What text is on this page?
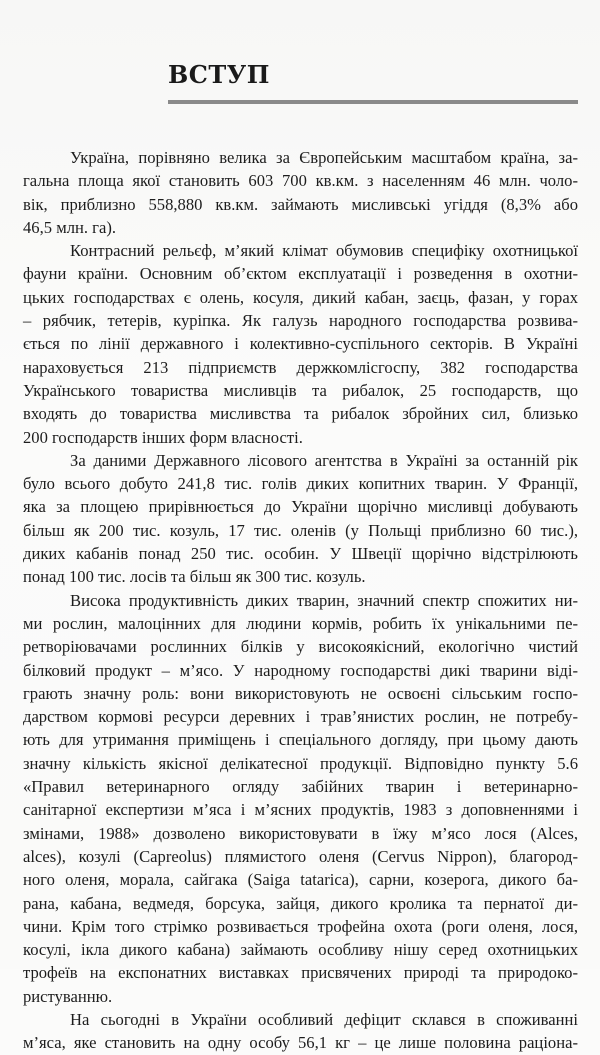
ВСТУП
Україна, порівняно велика за Європейським масштабом країна, за-
гальна площа якої становить 603 700 кв.км. з населенням 46 млн. чоло-
вік, приблизно 558,880 кв.км. займають мисливські угіддя (8,3% або
46,5 млн. га).
Контрасний рельєф, м’який клімат обумовив специфіку охотницької
фауни країни. Основним об’єктом експлуатації і розведення в охотни-
цьких господарствах є олень, косуля, дикий кабан, заєць, фазан, у горах
– рябчик, тетерів, куріпка. Як галузь народного господарства розвива-
ється по лінії державного і колективно-суспільного секторів. В Україні
нараховується 213 підприємств держкомлісгоспу, 382 господарства
Українського товариства мисливців та рибалок, 25 господарств, що
входять до товариства мисливства та рибалок збройних сил, близько
200 господарств інших форм власності.
За даними Державного лісового агентства в Україні за останній рік
було всього добуто 241,8 тис. голів диких копитних тварин. У Франції,
яка за площею прирівнюється до України щорічно мисливці добувають
більш як 200 тис. козуль, 17 тис. оленів (у Польщі приблизно 60 тис.),
диких кабанів понад 250 тис. особин. У Швеції щорічно відстрілюють
понад 100 тис. лосів та більш як 300 тис. козуль.
Висока продуктивність диких тварин, значний спектр спожитих ни-
ми рослин, малоцінних для людини кормів, робить їх унікальними пе-
ретворіювачами рослинних білків у високоякісний, екологічно чистий
білковий продукт – м’ясо. У народному господарстві дикі тварини віді-
грають значну роль: вони використовують не освоєні сільським госпо-
дарством кормові ресурси деревних і трав’янистих рослин, не потребу-
ють для утримання приміщень і спеціального догляду, при цьому дають
значну кількість якісної делікатесної продукції. Відповідно пункту 5.6
«Правил ветеринарного огляду забійних тварин і ветеринарно-
санітарної експертизи м’яса і м’ясних продуктів, 1983 з доповненнями і
змінами, 1988» дозволено використовувати в їжу м’ясо лося (Alces,
alces), козулі (Capreolus) плямистого оленя (Cervus Nippon), благород-
ного оленя, морала, сайгака (Saiga tatarica), сарни, козерога, дикого ба-
рана, кабана, ведмедя, борсука, зайця, дикого кролика та пернатої ди-
чини. Крім того стрімко розвивається трофейна охота (роги оленя, лося,
косулі, ікла дикого кабана) займають особливу нішу серед охотницьких
трофеїв на експонатних виставках присвячених природі та природоко-
ристуванню.
На сьогодні в України особливий дефіцит склався в споживанні
м’яса, яке становить на одну особу 56,1 кг – це лише половина раціона-
